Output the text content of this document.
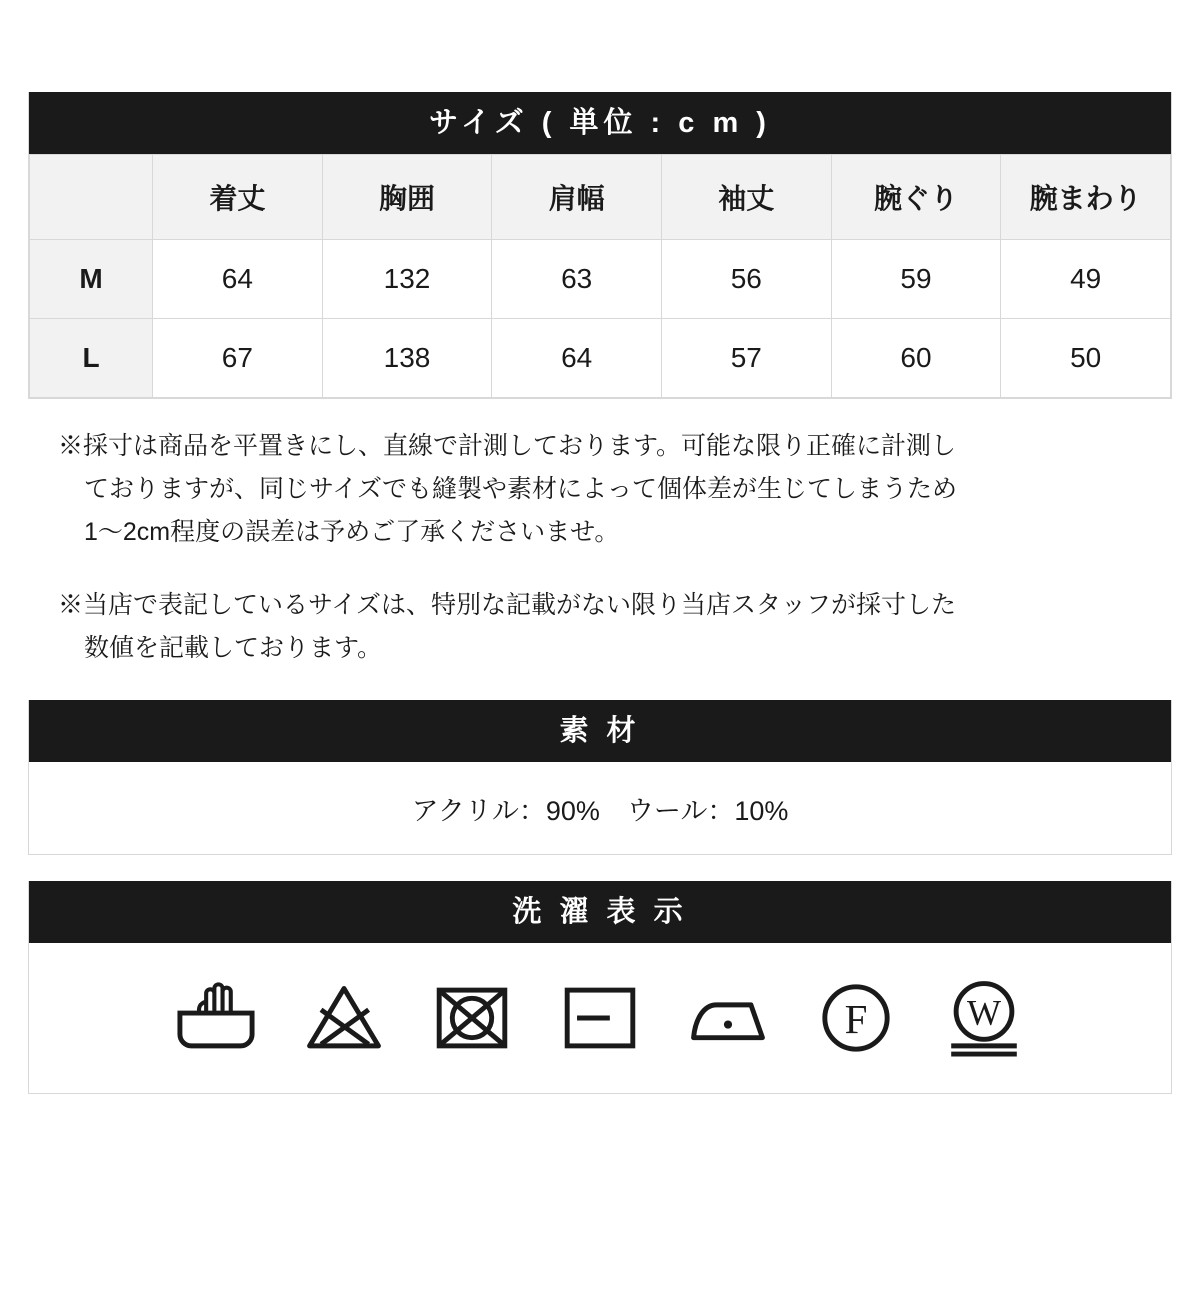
サイズ ( 単位 : c m )
	着丈	胸囲	肩幅	袖丈	腕ぐり	腕まわり
M	64	132	63	56	59	49
L	67	138	64	57	60	50

※採寸は商品を平置きにし、直線で計測しております。可能な限り正確に計測し
ておりますが、同じサイズでも縫製や素材によって個体差が生じてしまうため
1〜2cm程度の誤差は予めご了承くださいませ。

※当店で表記しているサイズは、特別な記載がない限り当店スタッフが採寸した
数値を記載しております。

素 材
アクリル：90%　ウール：10%
洗 濯 表 示
F W
